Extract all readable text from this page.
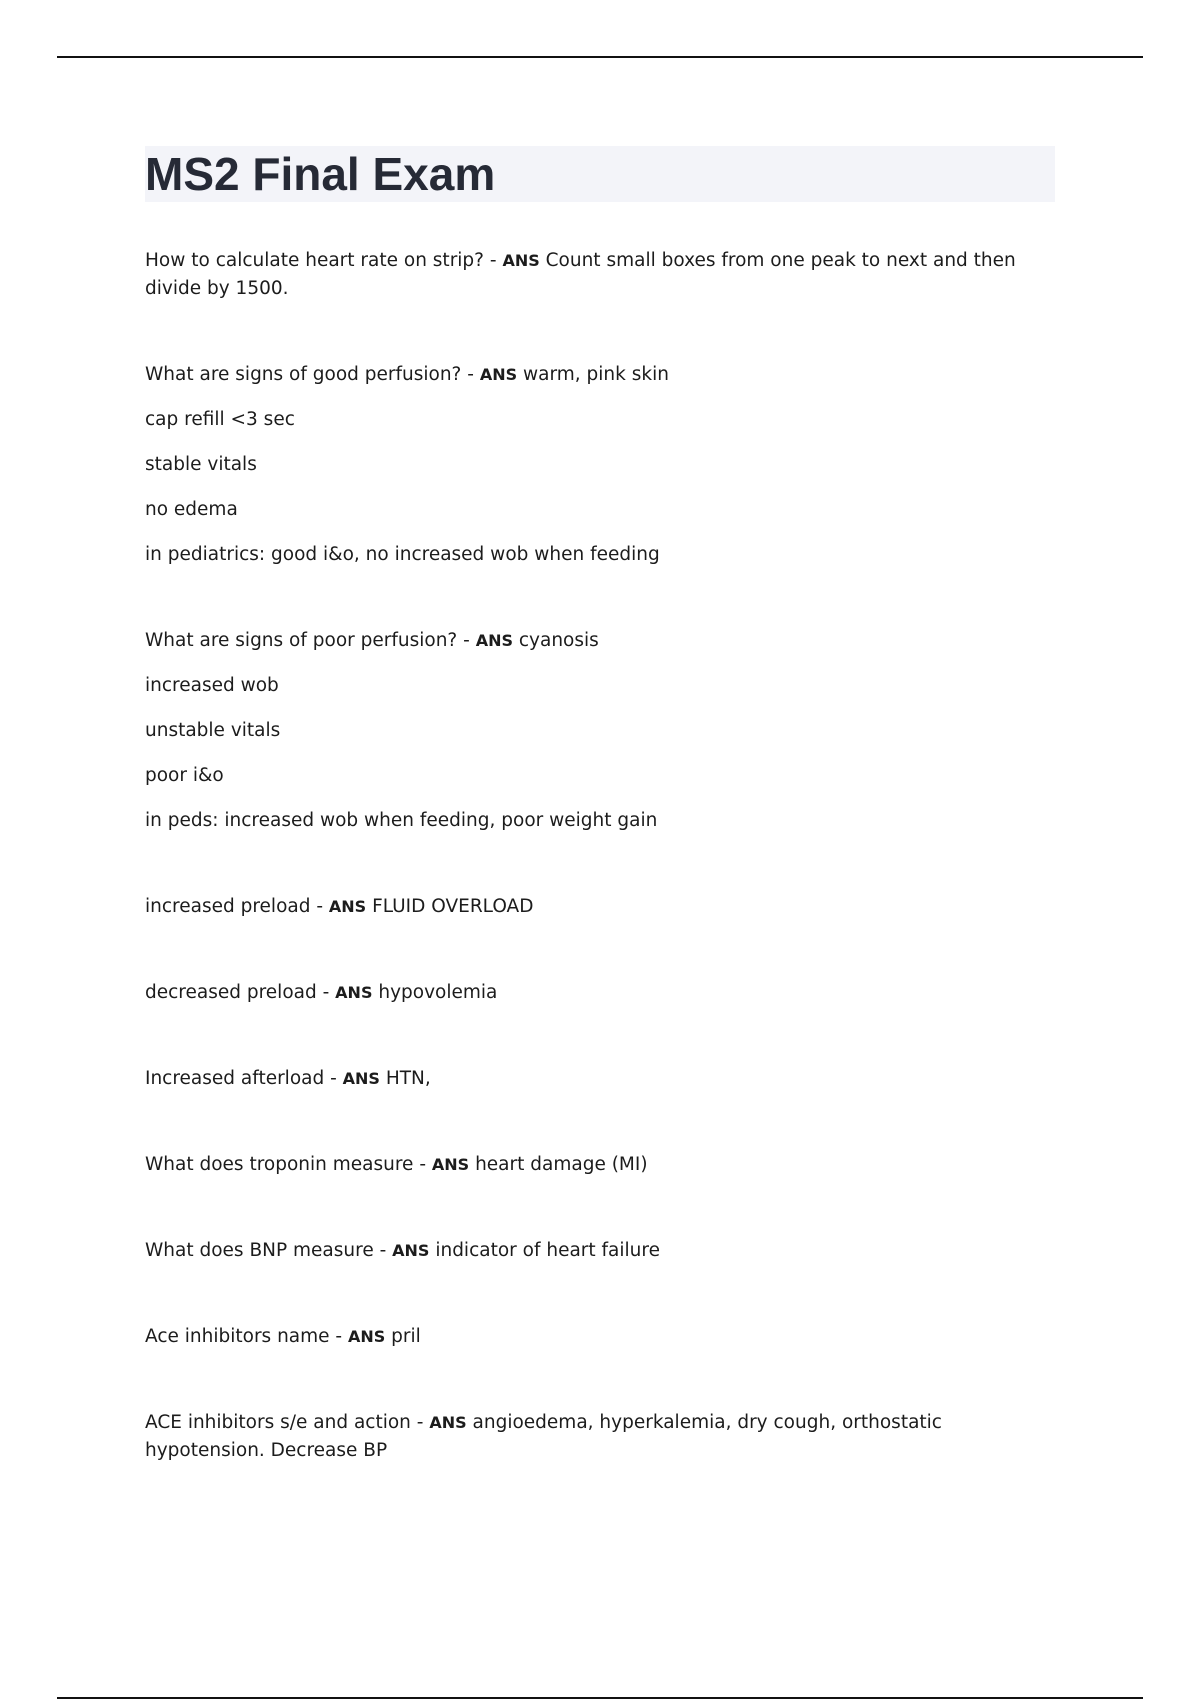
MS2 Final Exam
How to calculate heart rate on strip? - ANS Count small boxes from one peak to next and then divide by 1500.
What are signs of good perfusion? - ANS warm, pink skin
cap refill <3 sec
stable vitals
no edema
in pediatrics: good i&o, no increased wob when feeding
What are signs of poor perfusion? - ANS cyanosis
increased wob
unstable vitals
poor i&o
in peds: increased wob when feeding, poor weight gain
increased preload - ANS FLUID OVERLOAD
decreased preload - ANS hypovolemia
Increased afterload - ANS HTN,
What does troponin measure - ANS heart damage (MI)
What does BNP measure - ANS indicator of heart failure
Ace inhibitors name - ANS pril
ACE inhibitors s/e and action - ANS angioedema, hyperkalemia, dry cough, orthostatic hypotension. Decrease BP
